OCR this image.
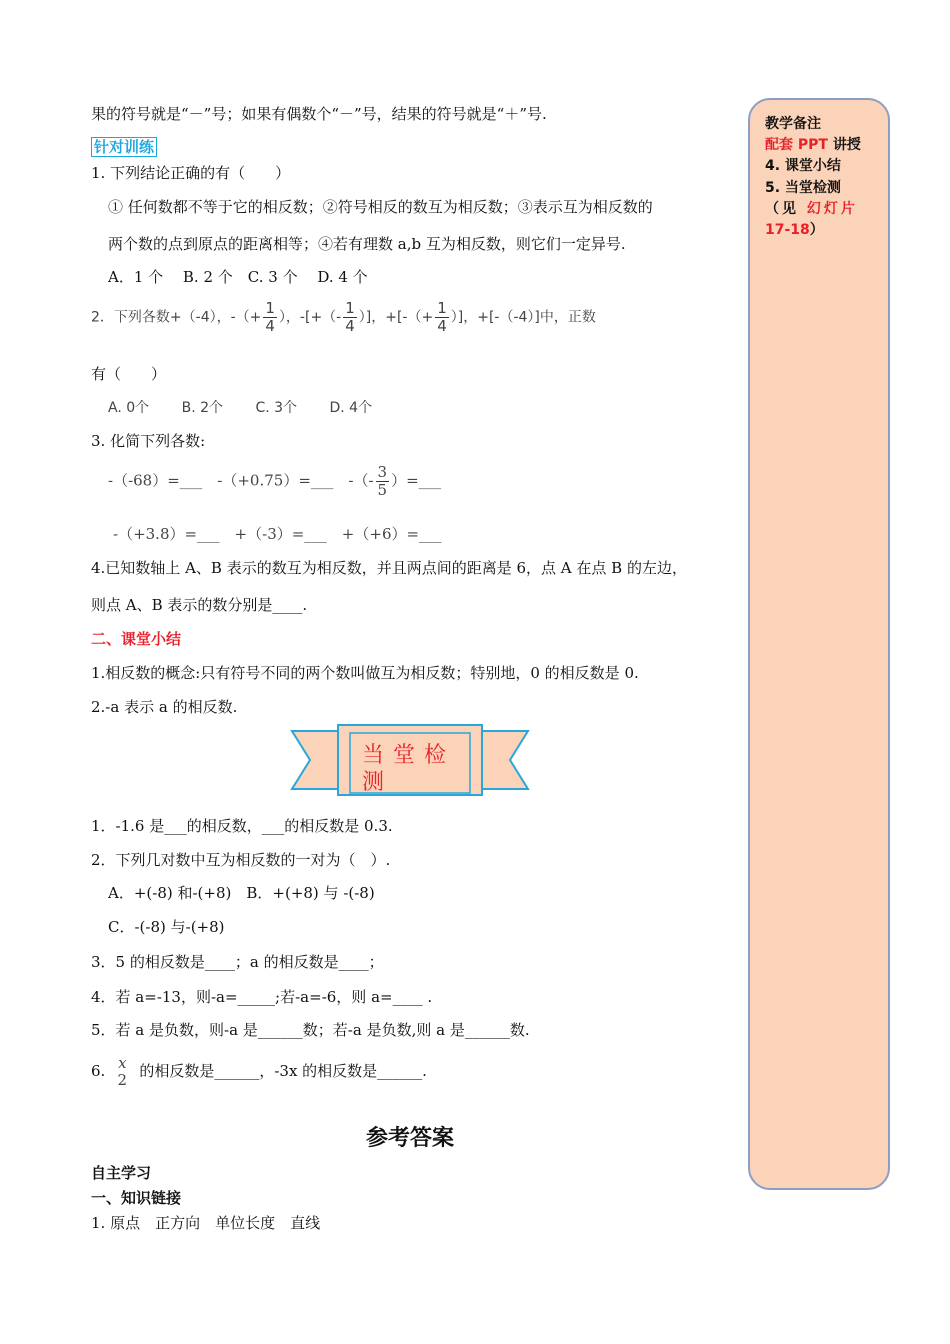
果的符号就是“－”号；如果有偶数个“－”号，结果的符号就是“＋”号.
针对训练
1. 下列结论正确的有（　　）
① 任何数都不等于它的相反数；②符号相反的数互为相反数；③表示互为相反数的
两个数的点到原点的距离相等；④若有理数 a,b 互为相反数，则它们一定异号.
A．1 个　 B. 2 个　C. 3 个　 D. 4 个
2．下列各数+（-4），-（+ $\frac{1}{4}$ ），-[+（- $\frac{1}{4}$ ）]，+[-（+ $\frac{1}{4}$ ）]，+[-（-4）]中，正数
有（　　）
A. 0个　　 B. 2个　　 C. 3个　　 D. 4个
3. 化简下列各数:
-（-68）=___　-（+0.75）=___　-（- $\frac{3}{5}$ ）=___
-（+3.8）=___　+（-3）=___　+（+6）=___
4.已知数轴上 A、B 表示的数互为相反数，并且两点间的距离是 6，点 A 在点 B 的左边，
则点 A、B 表示的数分别是____.
二、课堂小结
1.相反数的概念:只有符号不同的两个数叫做互为相反数；特别地，0 的相反数是 0.
2.-a 表示 a 的相反数.
当 堂 检 测
1．-1.6 是___的相反数，___的相反数是 0.3.
2．下列几对数中互为相反数的一对为（　）.
A．+(-8) 和-(+8)　B．+(+8) 与 -(-8)
C．-(-8) 与-(+8)
3．5 的相反数是____；a 的相反数是____；
4．若 a=-13，则-a=_____;若-a=-6，则 a=____ .
5．若 a 是负数，则-a 是______数；若-a 是负数,则 a 是______数.
6. x
2 的相反数是______，-3x 的相反数是______.
参考答案
自主学习
一、知识链接
1. 原点　正方向　单位长度　直线
教学备注
配套 PPT 讲授
4. 课堂小结
5. 当堂检测
（见 幻灯片
17-18）
